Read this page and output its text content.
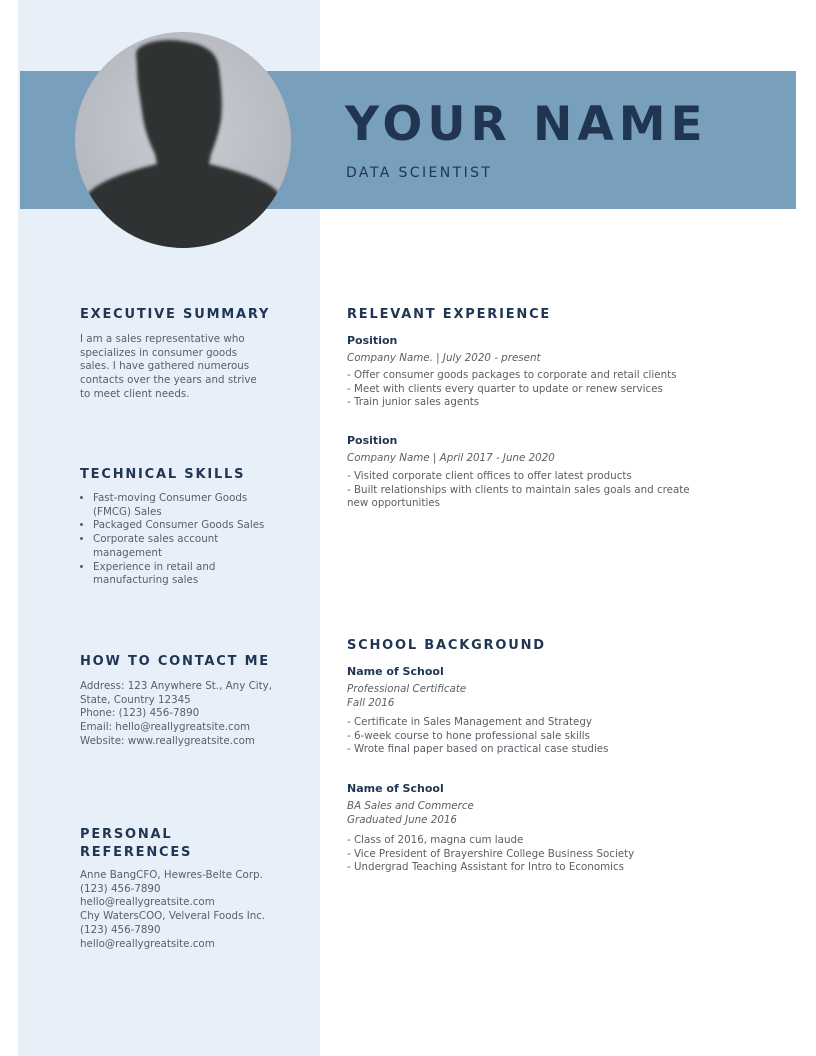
YOUR NAME
DATA SCIENTIST
EXECUTIVE SUMMARY

I am a sales representative who

specializes in consumer goods

sales. I have gathered numerous

contacts over the years and strive

to meet client needs.

TECHNICAL SKILLS
• Fast-moving Consumer Goods
(FMCG) Sales
• Packaged Consumer Goods Sales
• Corporate sales account
management
• Experience in retail and
manufacturing sales
HOW TO CONTACT ME

Address: 123 Anywhere St., Any City,

State, Country 12345

Phone: (123) 456-7890

Email: hello@reallygreatsite.com

Website: www.reallygreatsite.com

PERSONAL
REFERENCES

Anne BangCFO, Hewres-Belte Corp.

(123) 456-7890

hello@reallygreatsite.com

Chy WatersCOO, Velveral Foods Inc.

(123) 456-7890

hello@reallygreatsite.com

RELEVANT EXPERIENCE
Position
Company Name. | July 2020 - present

- Offer consumer goods packages to corporate and retail clients

- Meet with clients every quarter to update or renew services

- Train junior sales agents

Position
Company Name | April 2017 - June 2020

- Visited corporate client offices to offer latest products

- Built relationships with clients to maintain sales goals and create

new opportunities

SCHOOL BACKGROUND
Name of School
Professional Certificate
Fall 2016

- Certificate in Sales Management and Strategy

- 6-week course to hone professional sale skills

- Wrote final paper based on practical case studies

Name of School
BA Sales and Commerce
Graduated June 2016

- Class of 2016, magna cum laude

- Vice President of Brayershire College Business Society

- Undergrad Teaching Assistant for Intro to Economics
